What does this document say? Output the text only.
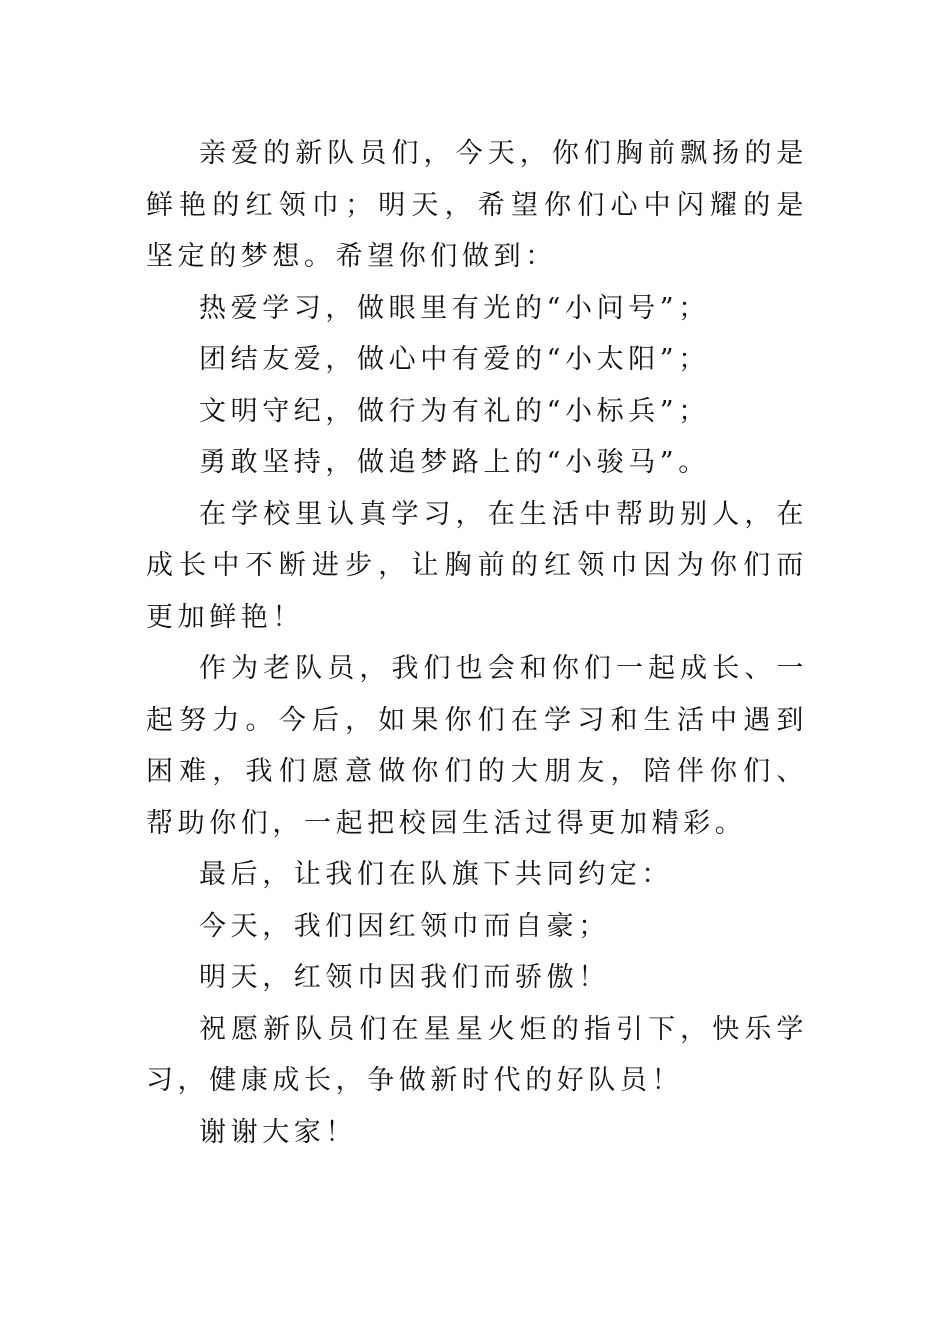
亲爱的新队员们，今天，你们胸前飘扬的是鲜艳的红领巾；明天，希望你们心中闪耀的是坚定的梦想。希望你们做到：

热爱学习，做眼里有光的“小问号”；

团结友爱，做心中有爱的“小太阳”；

文明守纪，做行为有礼的“小标兵”；

勇敢坚持，做追梦路上的“小骏马”。

在学校里认真学习，在生活中帮助别人，在成长中不断进步，让胸前的红领巾因为你们而更加鲜艳！

作为老队员，我们也会和你们一起成长、一起努力。今后，如果你们在学习和生活中遇到困难，我们愿意做你们的大朋友，陪伴你们、帮助你们，一起把校园生活过得更加精彩。

最后，让我们在队旗下共同约定：

今天，我们因红领巾而自豪；

明天，红领巾因我们而骄傲！

祝愿新队员们在星星火炬的指引下，快乐学习，健康成长，争做新时代的好队员！

谢谢大家！
